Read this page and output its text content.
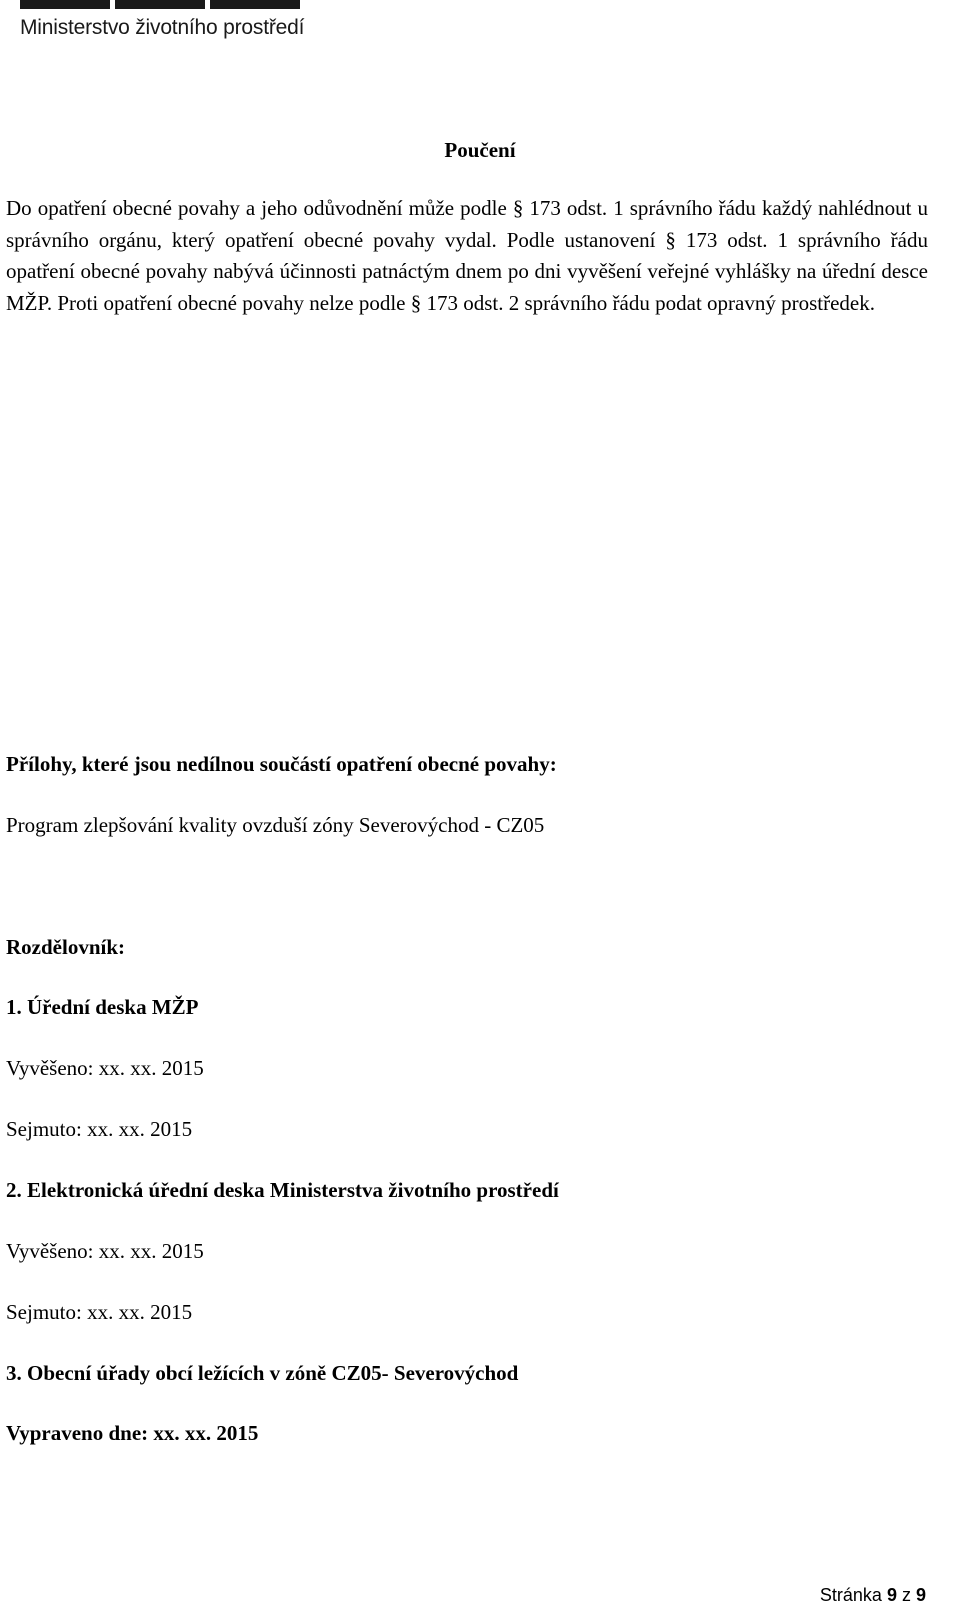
Ministerstvo životního prostředí
Poučení

Do opatření obecné povahy a jeho odůvodnění může podle § 173 odst. 1 správního řádu každý nahlédnout u správního orgánu, který opatření obecné povahy vydal. Podle ustanovení § 173 odst. 1 správního řádu opatření obecné povahy nabývá účinnosti patnáctým dnem po dni vyvěšení veřejné vyhlášky na úřední desce MŽP. Proti opatření obecné povahy nelze podle § 173 odst. 2 správního řádu podat opravný prostředek.

Přílohy, které jsou nedílnou součástí opatření obecné povahy:

Program zlepšování kvality ovzduší zóny Severovýchod - CZ05

Rozdělovník:

1. Úřední deska MŽP

Vyvěšeno: xx. xx. 2015

Sejmuto: xx. xx. 2015

2. Elektronická úřední deska Ministerstva životního prostředí

Vyvěšeno: xx. xx. 2015

Sejmuto: xx. xx. 2015

3. Obecní úřady obcí ležících v zóně CZ05- Severovýchod

Vypraveno dne: xx. xx. 2015

Stránka 9 z 9
